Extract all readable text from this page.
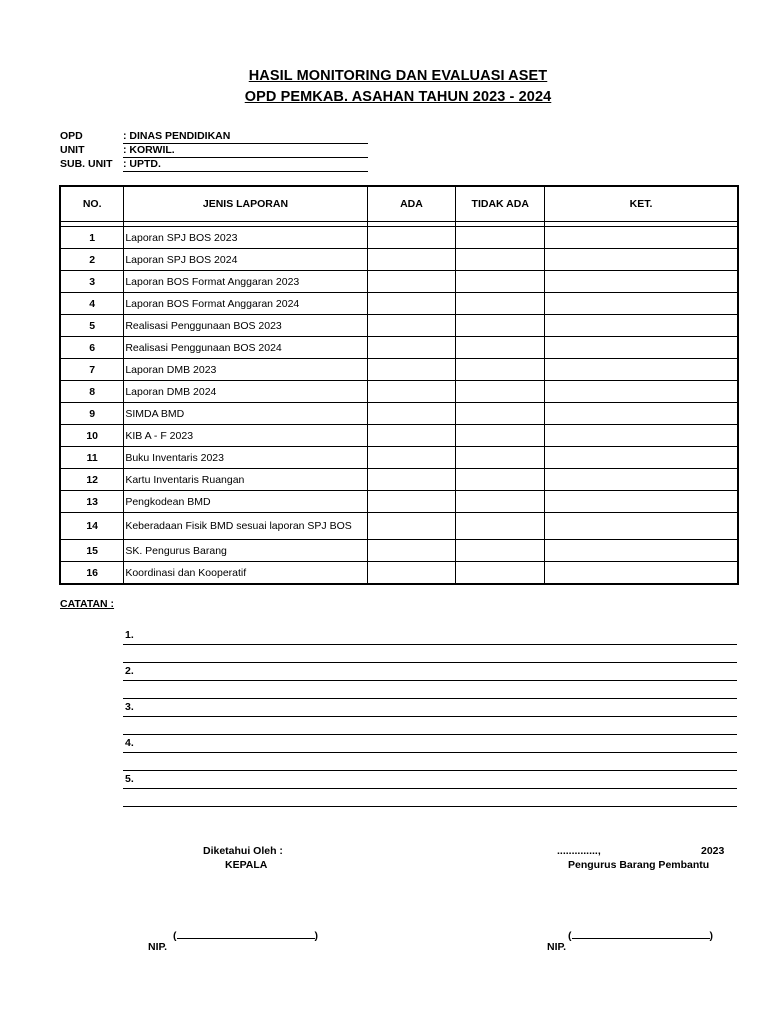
HASIL MONITORING DAN EVALUASI ASET
OPD PEMKAB. ASAHAN TAHUN 2023 - 2024
OPD	: DINAS PENDIDIKAN
UNIT	: KORWIL.
SUB. UNIT : UPTD.
NO.	JENIS LAPORAN	ADA	TIDAK ADA	KET.

1	Laporan SPJ BOS 2023			
2	Laporan SPJ BOS 2024			
3	Laporan BOS Format Anggaran 2023			
4	Laporan BOS Format Anggaran 2024			
5	Realisasi Penggunaan BOS 2023			
6	Realisasi Penggunaan BOS 2024			
7	Laporan DMB 2023			
8	Laporan DMB 2024			
9	SIMDA BMD			
10	KIB A - F 2023			
11	Buku Inventaris 2023			
12	Kartu Inventaris Ruangan			
13	Pengkodean BMD			
14	Keberadaan Fisik BMD sesuai laporan SPJ BOS			
15	SK. Pengurus Barang			
16	Koordinasi dan Kooperatif			
CATATAN :
1.
2.
3.
4.
5.
Diketahui Oleh :
KEPALA
(	)
NIP.
..............,	2023
Pengurus Barang Pembantu
(	)
NIP.
